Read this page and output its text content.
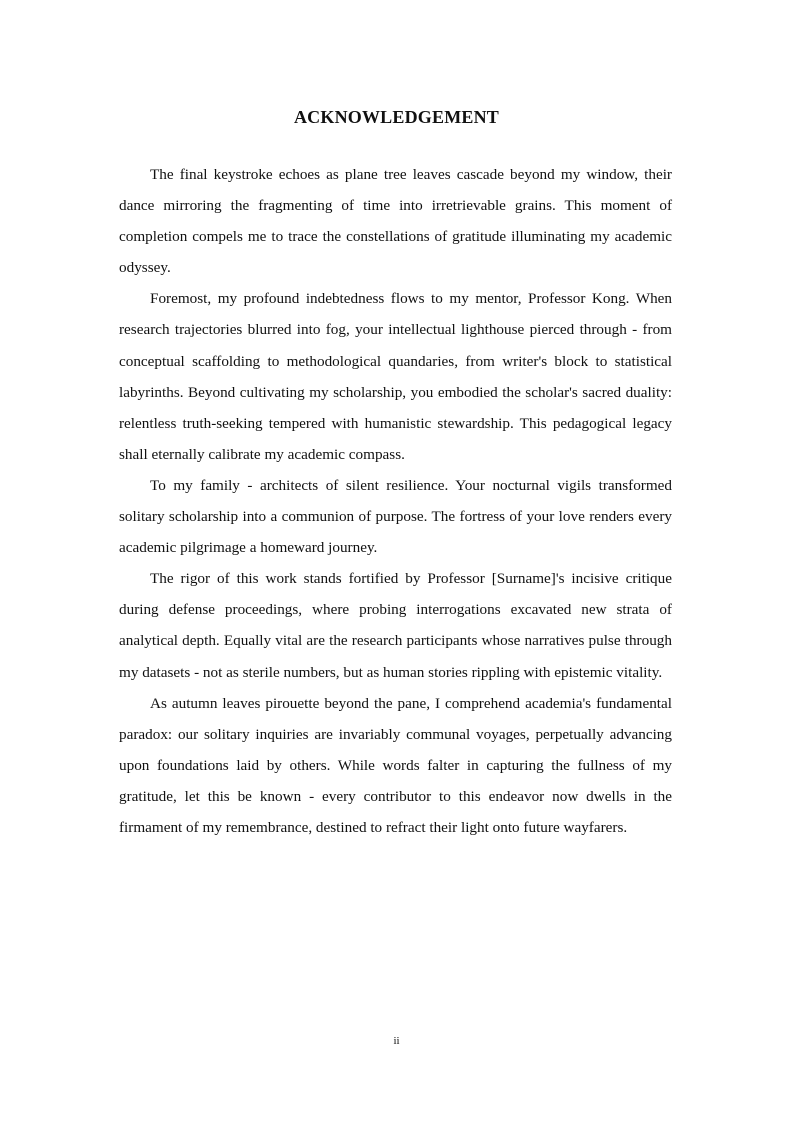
ACKNOWLEDGEMENT

The final keystroke echoes as plane tree leaves cascade beyond my window, their dance mirroring the fragmenting of time into irretrievable grains. This moment of completion compels me to trace the constellations of gratitude illuminating my academic odyssey.

Foremost, my profound indebtedness flows to my mentor, Professor Kong. When research trajectories blurred into fog, your intellectual lighthouse pierced through - from conceptual scaffolding to methodological quandaries, from writer's block to statistical labyrinths. Beyond cultivating my scholarship, you embodied the scholar's sacred duality: relentless truth-seeking tempered with humanistic stewardship. This pedagogical legacy shall eternally calibrate my academic compass.

To my family - architects of silent resilience. Your nocturnal vigils transformed solitary scholarship into a communion of purpose. The fortress of your love renders every academic pilgrimage a homeward journey.

The rigor of this work stands fortified by Professor [Surname]'s incisive critique during defense proceedings, where probing interrogations excavated new strata of analytical depth. Equally vital are the research participants whose narratives pulse through my datasets - not as sterile numbers, but as human stories rippling with epistemic vitality.

As autumn leaves pirouette beyond the pane, I comprehend academia's fundamental paradox: our solitary inquiries are invariably communal voyages, perpetually advancing upon foundations laid by others. While words falter in capturing the fullness of my gratitude, let this be known - every contributor to this endeavor now dwells in the firmament of my remembrance, destined to refract their light onto future wayfarers.

ii
